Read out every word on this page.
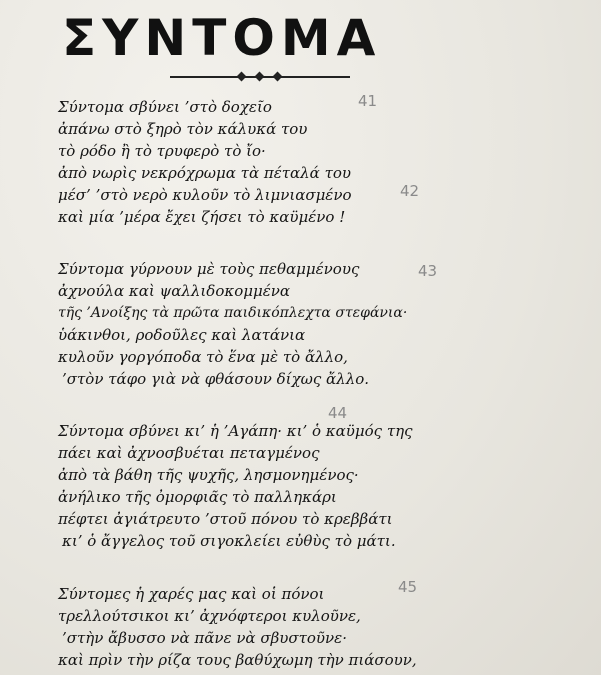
ΣΥΝΤΟΜΑ
41
Σύντομα σβύνει ’στὸ δοχεῖο
ἀπάνω στὸ ξηρὸ τὸν κάλυκά του
τὸ ρόδο ἢ τὸ τρυφερὸ τὸ ἴο·
ἀπὸ νωρὶς νεκρόχρωμα τὰ πέταλά του
μέσ’ ’στὸ νερὸ κυλοῦν τὸ λιμνιασμένο	42
καὶ μία ’μέρα ἔχει ζήσει τὸ καϋμένο !
43
Σύντομα γύρνουν μὲ τοὺς πεθαμμένους
ἀχνούλα καὶ ψαλλιδοκομμένα
τῆς ’Ανοίξης τὰ πρῶτα παιδικόπλεχτα στεφάνια·
ὑάκινθοι, ροδοῦλες καὶ λατάνια
κυλοῦν γοργόποδα τὸ ἕνα μὲ τὸ ἄλλο,
’στὸν τάφο γιὰ νὰ φθάσουν δίχως ἄλλο.
44
Σύντομα σβύνει κι’ ἡ ’Αγάπη· κι’ ὁ καϋμός της
πάει καὶ ἀχνοσβυέται πεταγμένος
ἀπὸ τὰ βάθη τῆς ψυχῆς, λησμονημένος·
ἀνήλικο τῆς ὀμορφιᾶς τὸ παλληκάρι
πέφτει ἀγιάτρευτο ’στοῦ πόνου τὸ κρεββάτι
κι’ ὁ ἄγγελος τοῦ σιγοκλείει εὐθὺς τὸ μάτι.
45
Σύντομες ἡ χαρές μας καὶ οἱ πόνοι
τρελλούτσικοι κι’ ἀχνόφτεροι κυλοῦνε,
’στὴν ἄβυσσο νὰ πᾶνε νὰ σβυστοῦνε·
καὶ πρὶν τὴν ρίζα τους βαθύχωμη τὴν πιάσουν,
